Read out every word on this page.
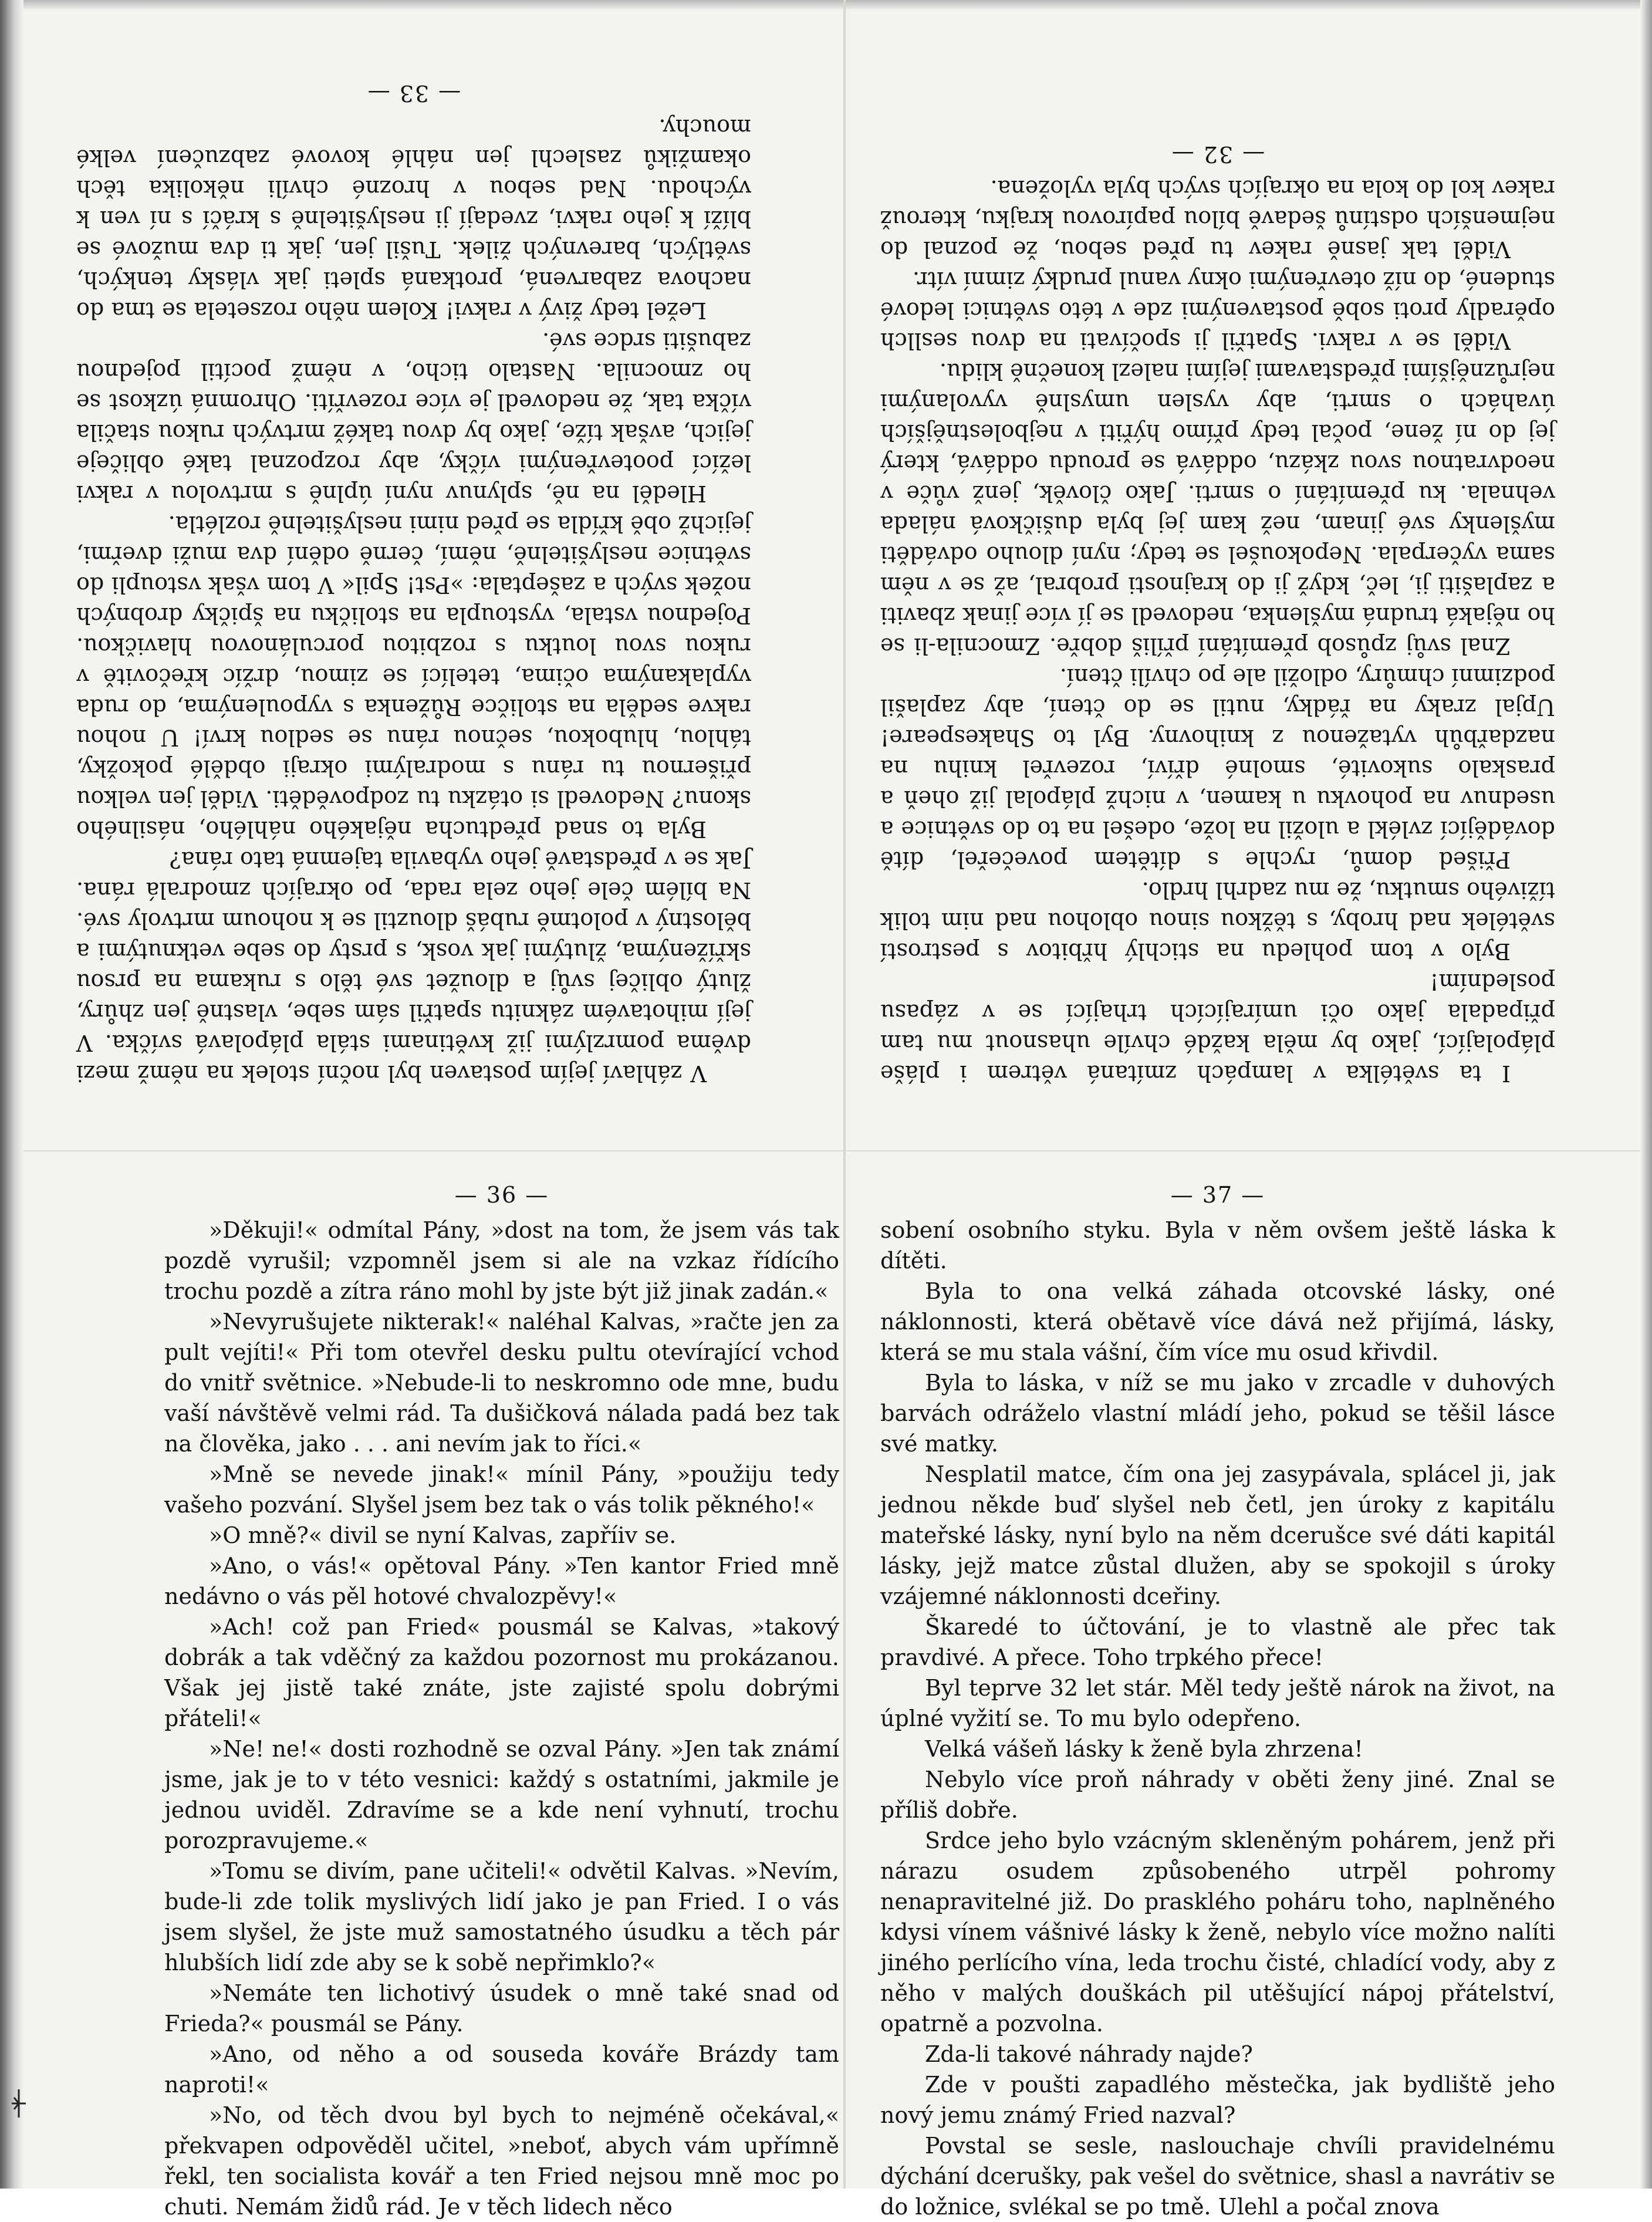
V záhlaví jejím postaven byl noční stolek na němž mezi dvěma pomrzlými již květinami stála plápolavá svíčka. V její mihotavém záknitu spatřil sám sebe, vlastně jen zhůry, žlutý obličej svůj a dloužet své tělo s rukama na prsou skříženýma, žlutými jak vosk, s prsty do sebe vetknutými a bělostný v polotmě rubáš dlouztil se k nohoum mrtvoly své. Na bílém čele jeho zela rada, po okrajích zmodralá rána. Jak se v představě jeho vybavila tajemná tato rána?

Byla to snad předtucha nějakého náhlého, násilného skonu? Nedovedl si otázku tu zodpověděti. Viděl jen velkou přišernou tu ránu s modralými okraji obdělé pokožky, táhlou, hlubokou, sečnou ránu se sedlou krví! U nohou rakve seděla na stoličce Růženka s vypoulenýma, do ruda vyplakanýma očima, tetelící se zimou, držíc křečovitě v rukou svou loutku s rozbitou porculánovou hlavičkou. Pojednou vstala, vystoupla na stoličku na špičky drobných nožek svých a zašeptala: »Pst! Spil« V tom však vstoupli do světnice neslyšitelně, němí, černě odění dva muži dveřmi, jejichž obě křídla se před nimi neslyšitelně rozlétla.

Hleděl na ně, splynuv nyní úplně s mrtvolou v rakvi ležící pootevřenými víčky, aby rozpoznal také obličeje jejich, avšak tíže, jako by dvou takéž mrtvých rukou stačila víčka tak, že nedovedl je více rozevříti. Ohromná úzkost se ho zmocnila. Nastalo ticho, v němž pocítil pojednou zabušiti srdce své.

Ležel tedy živý v rakvi! Kolem něho rozsetela se tma do nachova zabarvená, protkaná spleti jak vlásky tenkých, světlých, barevných žilek. Tušil jen, jak ti dva mužové se blíží k jeho rakvi, zvedají ji neslyšitelně s kráčí s ní ven k východu. Nad sebou v hrozné chvíli několika těch okamžiků zaslechl jen náhlé kovové zabzučení velké mouchy.

— 33 —

I ta světélka v lampách zmítaná větrem i pláše plápolající, jako by měla každé chvíle uhasnout mu tam připadala jako oči umírajících trhající se v zápasu posledním!

Bylo v tom pohledu na stichlý hřbitov s pestrostí světélek nad hroby, s těžkou sinou oblohou nad nim tolik tíživého smutku, že mu zadrhl hrdlo.

Přišed domů, rychle s dítětem povečeřel, dítě dovádějící zvlékl a uložil na lože, odešel na to do světnice a usednuv na pohovku u kamen, v nichž plápolal již oheň a praskalo sukovité, smolné dříví, rozevřel knihu na nazdařbůh vytaženou z knihovny. Byl to Shakespeare! Upjal zraky na řádky, nutil se do čtení, aby zaplašil podzimní chmůry, odložil ale po chvíli čtení.

Znal svůj způsob přemítání příliš dobře. Zmocnila-li se ho nějaká trudná myšlenka, nedovedl se jí více jinak zbaviti a zaplašiti ji, leč, když ji do krajnosti probral, až se v něm sama vyčerpala. Nepokoušel se tedy; nyní dlouho odváděti myšlenky své jinam, než kam jej byla dušičková nálada vehnala. ku přemítání o smrti. Jako člověk, jenž vůče v neodvratnou svou zkázu, oddává se proudu oddává, který jej do ní žene, počal tedy přímo hýřiti v nejbolestnějších úvahách o smrti, aby vyslen umyslně vyvolanými nejrůznějšími představami jejími nalezl konečně klidu.

Viděl se v rakvi. Spatřil ji spočívati na dvou sesllch opěradly proti sobě postavenými zde v této světnici ledové studené, do níž otevřenými okny vanul prudký zimní vítr.

Viděl tak jasně rakev tu před sebou, že poznal do nejmenších odstínů šedavě bílou papírovou krajku, kterouž rakev kol do kola na okrajích svých byla vyložena.

— 32 —

— 36 —

»Děkuji!« odmítal Pány, »dost na tom, že jsem vás tak pozdě vyrušil; vzpomněl jsem si ale na vzkaz řídícího trochu pozdě a zítra ráno mohl by jste být již jinak zadán.«

»Nevyrušujete nikterak!« naléhal Kalvas, »račte jen za pult vejíti!« Při tom otevřel desku pultu otevírající vchod do vnitř světnice. »Nebude-li to neskromno ode mne, budu vaší návštěvě velmi rád. Ta dušičková nálada padá bez tak na člověka, jako . . . ani nevím jak to říci.«

»Mně se nevede jinak!« mínil Pány, »použiju tedy vašeho pozvání. Slyšel jsem bez tak o vás tolik pěkného!«

»O mně?« divil se nyní Kalvas, zapříiv se.

»Ano, o vás!« opětoval Pány. »Ten kantor Fried mně nedávno o vás pěl hotové chvalozpěvy!«

»Ach! což pan Fried« pousmál se Kalvas, »takový dobrák a tak vděčný za každou pozornost mu prokázanou. Však jej jistě také znáte, jste zajisté spolu dobrými přáteli!«

»Ne! ne!« dosti rozhodně se ozval Pány. »Jen tak známí jsme, jak je to v této vesnici: každý s ostatními, jakmile je jednou uviděl. Zdravíme se a kde není vyhnutí, trochu porozpravujeme.«

»Tomu se divím, pane učiteli!« odvětil Kalvas. »Nevím, bude-li zde tolik myslivých lidí jako je pan Fried. I o vás jsem slyšel, že jste muž samostatného úsudku a těch pár hlubších lidí zde aby se k sobě nepřimklo?«

»Nemáte ten lichotivý úsudek o mně také snad od Frieda?« pousmál se Pány.

»Ano, od něho a od souseda kováře Brázdy tam naproti!«

»No, od těch dvou byl bych to nejméně očekával,« překvapen odpověděl učitel, »neboť, abych vám upřímně řekl, ten socialista kovář a ten Fried nejsou mně moc po chuti. Nemám židů rád. Je v těch lidech něco

— 37 —

sobení osobního styku. Byla v něm ovšem ještě láska k dítěti.

Byla to ona velká záhada otcovské lásky, oné náklonnosti, která obětavě více dává než přijímá, lásky, která se mu stala vášní, čím více mu osud křivdil.

Byla to láska, v níž se mu jako v zrcadle v duhových barvách odráželo vlastní mládí jeho, pokud se těšil lásce své matky.

Nesplatil matce, čím ona jej zasypávala, splácel ji, jak jednou někde buď slyšel neb četl, jen úroky z kapitálu mateřské lásky, nyní bylo na něm dcerušce své dáti kapitál lásky, jejž matce zůstal dlužen, aby se spokojil s úroky vzájemné náklonnosti dceřiny.

Škaredé to účtování, je to vlastně ale přec tak pravdivé. A přece. Toho trpkého přece!

Byl teprve 32 let stár. Měl tedy ještě nárok na život, na úplné vyžití se. To mu bylo odepřeno.

Velká vášeň lásky k ženě byla zhrzena!

Nebylo více proň náhrady v oběti ženy jiné. Znal se příliš dobře.

Srdce jeho bylo vzácným skleněným pohárem, jenž při nárazu osudem způsobeného utrpěl pohromy nenapravitelné již. Do prasklého poháru toho, naplněného kdysi vínem vášnivé lásky k ženě, nebylo více možno nalíti jiného perlícího vína, leda trochu čisté, chladící vody, aby z něho v malých douškách pil utěšující nápoj přátelství, opatrně a pozvolna.

Zda-li takové náhrady najde?

Zde v poušti zapadlého městečka, jak bydliště jeho nový jemu známý Fried nazval?

Povstal se sesle, naslouchaje chvíli pravidelnému dýchání dcerušky, pak vešel do světnice, shasl a navrátiv se do ložnice, svlékal se po tmě. Ulehl a počal znova
